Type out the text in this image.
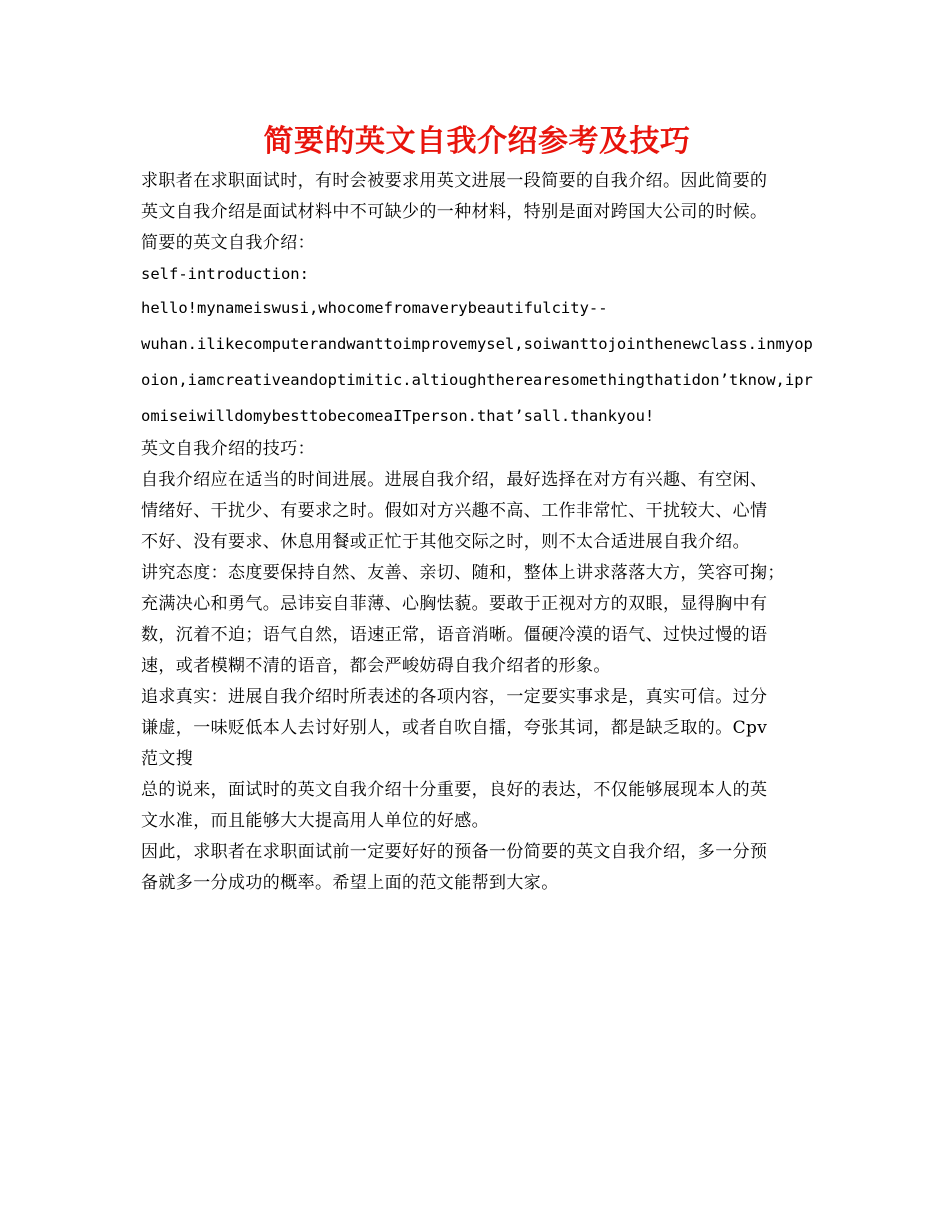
简要的英文自我介绍参考及技巧
求职者在求职面试时，有时会被要求用英文进展一段简要的自我介绍。因此简要的
英文自我介绍是面试材料中不可缺少的一种材料，特别是面对跨国大公司的时候。
简要的英文自我介绍：
self-introduction:
hello!mynameiswusi,whocomefromaverybeautifulcity--
wuhan.ilikecomputerandwanttoimprovemysel,soiwanttojointhenewclass.inmyop
oion,iamcreativeandoptimitic.altioughtherearesomethingthatidon’tknow,ipr
omiseiwilldomybesttobecomeaITperson.that’sall.thankyou!
英文自我介绍的技巧：
自我介绍应在适当的时间进展。进展自我介绍，最好选择在对方有兴趣、有空闲、
情绪好、干扰少、有要求之时。假如对方兴趣不高、工作非常忙、干扰较大、心情
不好、没有要求、休息用餐或正忙于其他交际之时，则不太合适进展自我介绍。
讲究态度：态度要保持自然、友善、亲切、随和，整体上讲求落落大方，笑容可掬；
充满决心和勇气。忌讳妄自菲薄、心胸怯藐。要敢于正视对方的双眼，显得胸中有
数，沉着不迫；语气自然，语速正常，语音消晰。僵硬冷漠的语气、过快过慢的语
速，或者模糊不清的语音，都会严峻妨碍自我介绍者的形象。
追求真实：进展自我介绍时所表述的各项内容，一定要实事求是，真实可信。过分
谦虚，一味贬低本人去讨好别人，或者自吹自擂，夸张其词，都是缺乏取的。Cpv
范文搜
总的说来，面试时的英文自我介绍十分重要，良好的表达，不仅能够展现本人的英
文水准，而且能够大大提高用人单位的好感。
因此，求职者在求职面试前一定要好好的预备一份简要的英文自我介绍，多一分预
备就多一分成功的概率。希望上面的范文能帮到大家。
